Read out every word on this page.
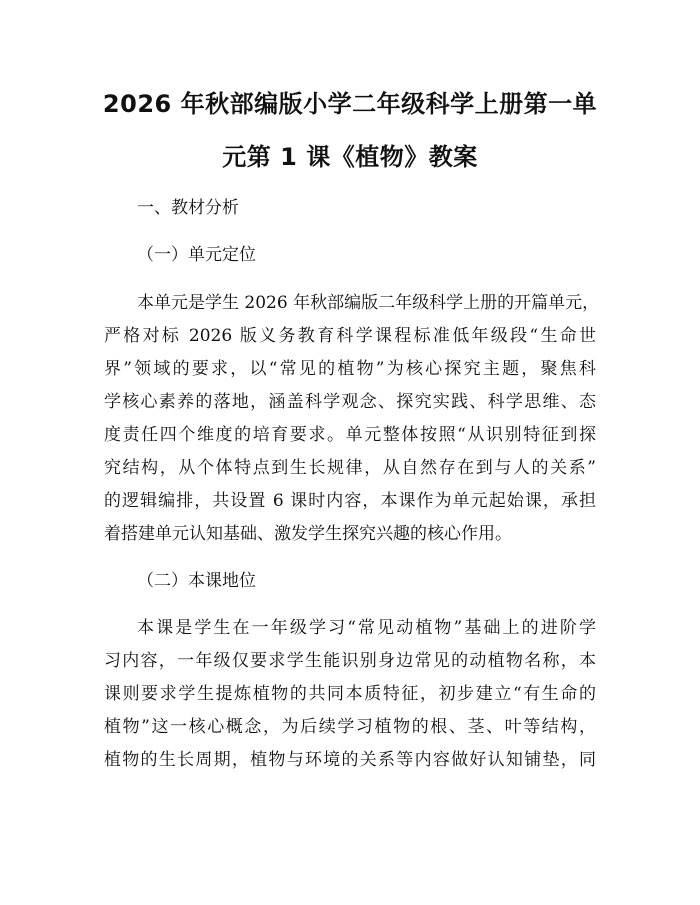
2026 年秋部编版小学二年级科学上册第一单
元第 1 课《植物》教案
一、教材分析
（一）单元定位
本单元是学生 2026 年秋部编版二年级科学上册的开篇单元，
严格对标 2026 版义务教育科学课程标准低年级段“生命世
界”领域的要求，以“常见的植物”为核心探究主题，聚焦科
学核心素养的落地，涵盖科学观念、探究实践、科学思维、态
度责任四个维度的培育要求。单元整体按照“从识别特征到探
究结构，从个体特点到生长规律，从自然存在到与人的关系”
的逻辑编排，共设置 6 课时内容，本课作为单元起始课，承担
着搭建单元认知基础、激发学生探究兴趣的核心作用。
（二）本课地位
本课是学生在一年级学习“常见动植物”基础上的进阶学
习内容，一年级仅要求学生能识别身边常见的动植物名称，本
课则要求学生提炼植物的共同本质特征，初步建立“有生命的
植物”这一核心概念，为后续学习植物的根、茎、叶等结构，
植物的生长周期，植物与环境的关系等内容做好认知铺垫，同
